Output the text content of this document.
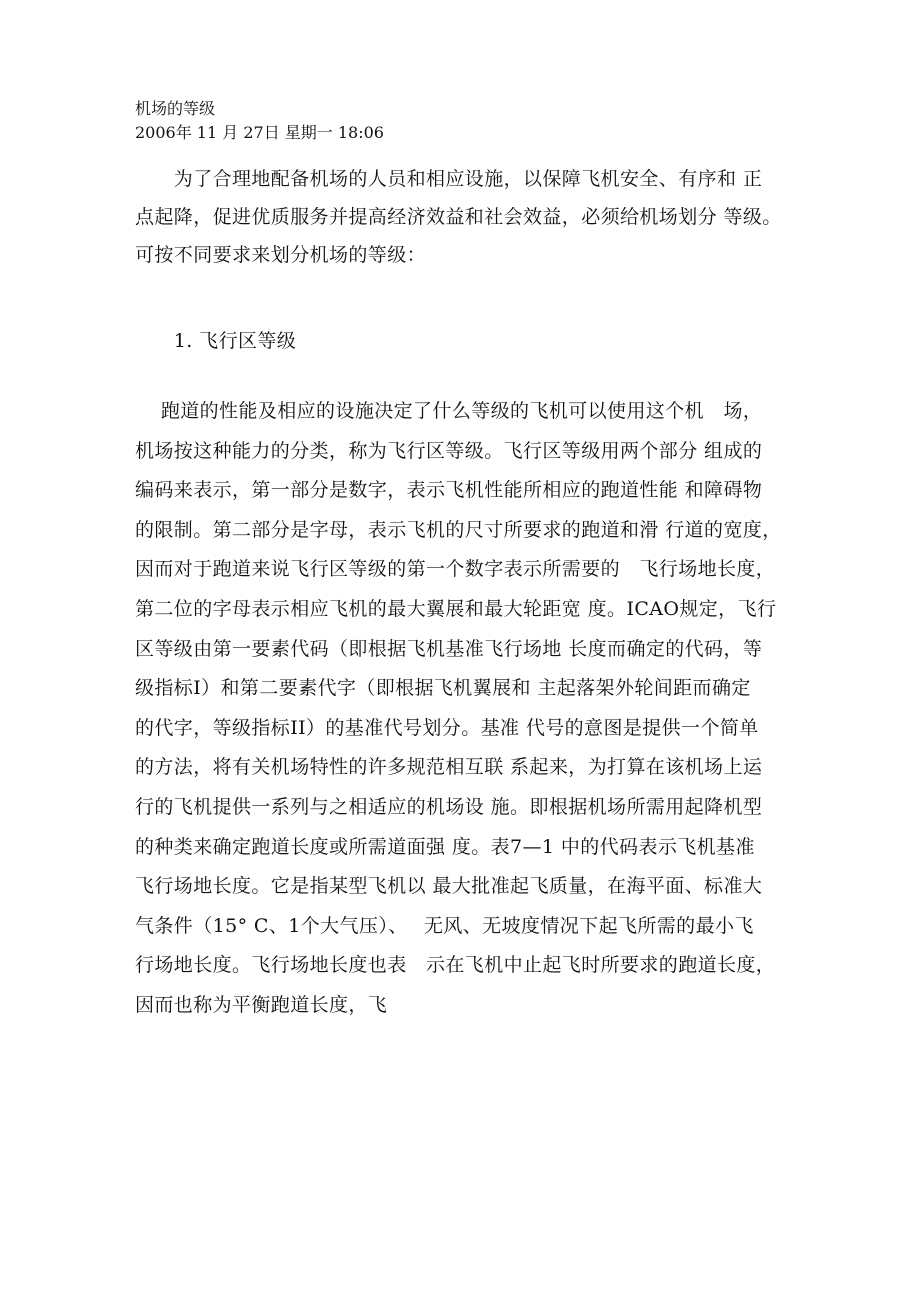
机场的等级
2006年 11 月 27日 星期一 18:06
　　为了合理地配备机场的人员和相应设施，以保障飞机安全、有序和 正
点起降，促进优质服务并提高经济效益和社会效益，必须给机场划分 等级。
可按不同要求来划分机场的等级：
　　1. 飞行区等级
　 跑道的性能及相应的设施决定了什么等级的飞机可以使用这个机　场，
机场按这种能力的分类，称为飞行区等级。飞行区等级用两个部分 组成的
编码来表示，第一部分是数字，表示飞机性能所相应的跑道性能 和障碍物
的限制。第二部分是字母，表示飞机的尺寸所要求的跑道和滑 行道的宽度，
因而对于跑道来说飞行区等级的第一个数字表示所需要的　飞行场地长度，
第二位的字母表示相应飞机的最大翼展和最大轮距宽 度。ICAO规定，飞行
区等级由第一要素代码（即根据飞机基准飞行场地 长度而确定的代码，等
级指标I）和第二要素代字（即根据飞机翼展和 主起落架外轮间距而确定
的代字，等级指标II）的基准代号划分。基准 代号的意图是提供一个简单
的方法，将有关机场特性的许多规范相互联 系起来，为打算在该机场上运
行的飞机提供一系列与之相适应的机场设 施。即根据机场所需用起降机型
的种类来确定跑道长度或所需道面强 度。表7—1 中的代码表示飞机基准
飞行场地长度。它是指某型飞机以 最大批准起飞质量，在海平面、标准大
气条件（15° C、1个大气压）、　 无风、无坡度情况下起飞所需的最小飞
行场地长度。飞行场地长度也表　示在飞机中止起飞时所要求的跑道长度，
因而也称为平衡跑道长度，飞
